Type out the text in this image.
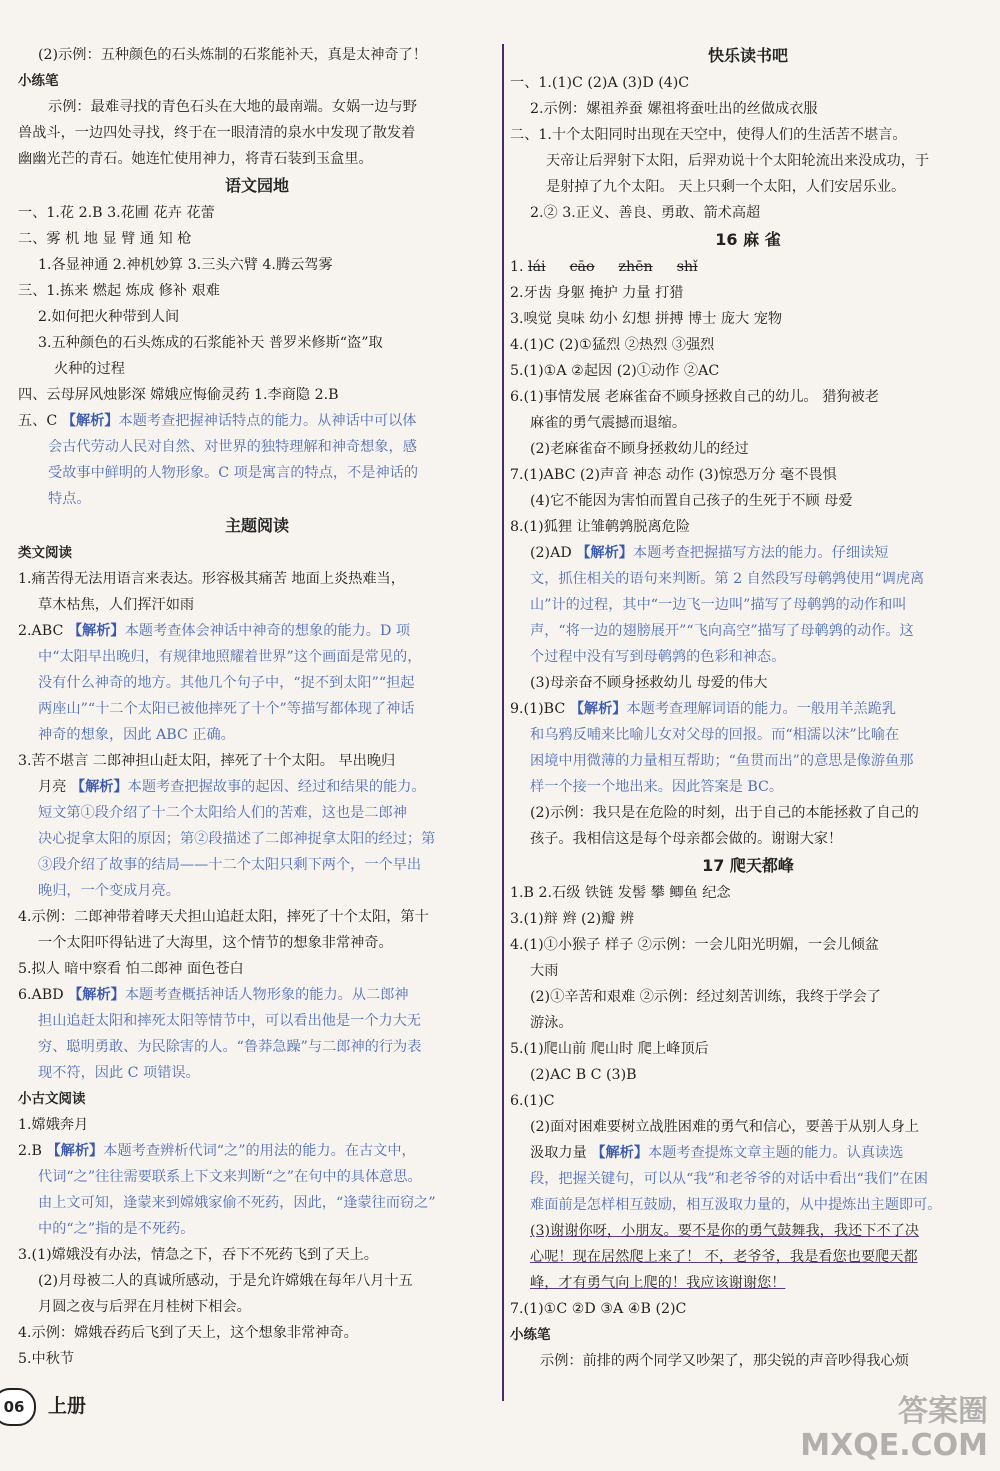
(2)示例：五种颜色的石头炼制的石浆能补天，真是太神奇了！
小练笔
示例：最难寻找的青色石头在大地的最南端。女娲一边与野
兽战斗，一边四处寻找，终于在一眼清清的泉水中发现了散发着
幽幽光芒的青石。她连忙使用神力，将青石装到玉盒里。
语文园地
一、1.花 2.B 3.花圃 花卉 花蕾
二、雾 机 地 显 臂 通 知 枪
1.各显神通 2.神机妙算 3.三头六臂 4.腾云驾雾
三、1.拣来 燃起 炼成 修补 艰难
2.如何把火种带到人间
3.五种颜色的石头炼成的石浆能补天 普罗米修斯“盗”取
火种的过程
四、云母屏风烛影深 嫦娥应悔偷灵药 1.李商隐 2.B
五、C 【解析】本题考查把握神话特点的能力。从神话中可以体
会古代劳动人民对自然、对世界的独特理解和神奇想象，感
受故事中鲜明的人物形象。C 项是寓言的特点，不是神话的
特点。
主题阅读
类文阅读
1.痛苦得无法用语言来表达。形容极其痛苦 地面上炎热难当，
草木枯焦，人们挥汗如雨
2.ABC 【解析】本题考查体会神话中神奇的想象的能力。D 项
中“太阳早出晚归，有规律地照耀着世界”这个画面是常见的，
没有什么神奇的地方。其他几个句子中，“捉不到太阳”“担起
两座山”“十二个太阳已被他摔死了十个”等描写都体现了神话
神奇的想象，因此 ABC 正确。
3.苦不堪言 二郎神担山赶太阳，摔死了十个太阳。 早出晚归
月亮 【解析】本题考查把握故事的起因、经过和结果的能力。
短文第①段介绍了十二个太阳给人们的苦难，这也是二郎神
决心捉拿太阳的原因；第②段描述了二郎神捉拿太阳的经过；第
③段介绍了故事的结局——十二个太阳只剩下两个，一个早出
晚归，一个变成月亮。
4.示例：二郎神带着哮天犬担山追赶太阳，摔死了十个太阳，第十
一个太阳吓得钻进了大海里，这个情节的想象非常神奇。
5.拟人 暗中察看 怕二郎神 面色苍白
6.ABD 【解析】本题考查概括神话人物形象的能力。从二郎神
担山追赶太阳和摔死太阳等情节中，可以看出他是一个力大无
穷、聪明勇敢、为民除害的人。“鲁莽急躁”与二郎神的行为表
现不符，因此 C 项错误。
小古文阅读
1.嫦娥奔月
2.B 【解析】本题考查辨析代词“之”的用法的能力。在古文中，
代词“之”往往需要联系上下文来判断“之”在句中的具体意思。
由上文可知，逢蒙来到嫦娥家偷不死药，因此，“逢蒙往而窃之”
中的“之”指的是不死药。
3.(1)嫦娥没有办法，情急之下，吞下不死药飞到了天上。
(2)月母被二人的真诚所感动，于是允许嫦娥在每年八月十五
月圆之夜与后羿在月桂树下相会。
4.示例：嫦娥吞药后飞到了天上，这个想象非常神奇。
5.中秋节
快乐读书吧
一、1.(1)C (2)A (3)D (4)C
2.示例：嫘祖养蚕 嫘祖将蚕吐出的丝做成衣服
二、1.十个太阳同时出现在天空中，使得人们的生活苦不堪言。
天帝让后羿射下太阳，后羿劝说十个太阳轮流出来没成功，于
是射掉了九个太阳。 天上只剩一个太阳，人们安居乐业。
2.② 3.正义、善良、勇敢、箭术高超
16 麻 雀
1. lái cāo zhēn shǐ
2.牙齿 身躯 掩护 力量 打猎
3.嗅觉 臭味 幼小 幻想 拼搏 博士 庞大 宠物
4.(1)C (2)①猛烈 ②热烈 ③强烈
5.(1)①A ②起因 (2)①动作 ②AC
6.(1)事情发展 老麻雀奋不顾身拯救自己的幼儿。 猎狗被老
麻雀的勇气震撼而退缩。
(2)老麻雀奋不顾身拯救幼儿的经过
7.(1)ABC (2)声音 神态 动作 (3)惊恐万分 毫不畏惧
(4)它不能因为害怕而置自己孩子的生死于不顾 母爱
8.(1)狐狸 让雏鹌鹑脱离危险
(2)AD 【解析】本题考查把握描写方法的能力。仔细读短
文，抓住相关的语句来判断。第 2 自然段写母鹌鹑使用“调虎离
山”计的过程，其中“一边飞一边叫”描写了母鹌鹑的动作和叫
声，“将一边的翅膀展开”“飞向高空”描写了母鹌鹑的动作。这
个过程中没有写到母鹌鹑的色彩和神态。
(3)母亲奋不顾身拯救幼儿 母爱的伟大
9.(1)BC 【解析】本题考查理解词语的能力。一般用羊羔跪乳
和乌鸦反哺来比喻儿女对父母的回报。而“相濡以沫”比喻在
困境中用微薄的力量相互帮助；“鱼贯而出”的意思是像游鱼那
样一个接一个地出来。因此答案是 BC。
(2)示例：我只是在危险的时刻，出于自己的本能拯救了自己的
孩子。我相信这是每个母亲都会做的。谢谢大家！
17 爬天都峰
1.B 2.石级 铁链 发髻 攀 鲫鱼 纪念
3.(1)辩 辫 (2)瓣 辨
4.(1)①小猴子 样子 ②示例：一会儿阳光明媚，一会儿倾盆
大雨
(2)①辛苦和艰难 ②示例：经过刻苦训练，我终于学会了
游泳。
5.(1)爬山前 爬山时 爬上峰顶后
(2)AC B C (3)B
6.(1)C
(2)面对困难要树立战胜困难的勇气和信心，要善于从别人身上
汲取力量 【解析】本题考查提炼文章主题的能力。认真读选
段，把握关键句，可以从“我”和老爷爷的对话中看出“我们”在困
难面前是怎样相互鼓励，相互汲取力量的，从中提炼出主题即可。
(3)谢谢你呀，小朋友。要不是你的勇气鼓舞我，我还下不了决
心呢！现在居然爬上来了！ 不，老爷爷，我是看您也要爬天都
峰，才有勇气向上爬的！我应该谢谢您！
7.(1)①C ②D ③A ④B (2)C
小练笔
示例：前排的两个同学又吵架了，那尖锐的声音吵得我心烦
06	上册	答案圈
MXQE.COM
